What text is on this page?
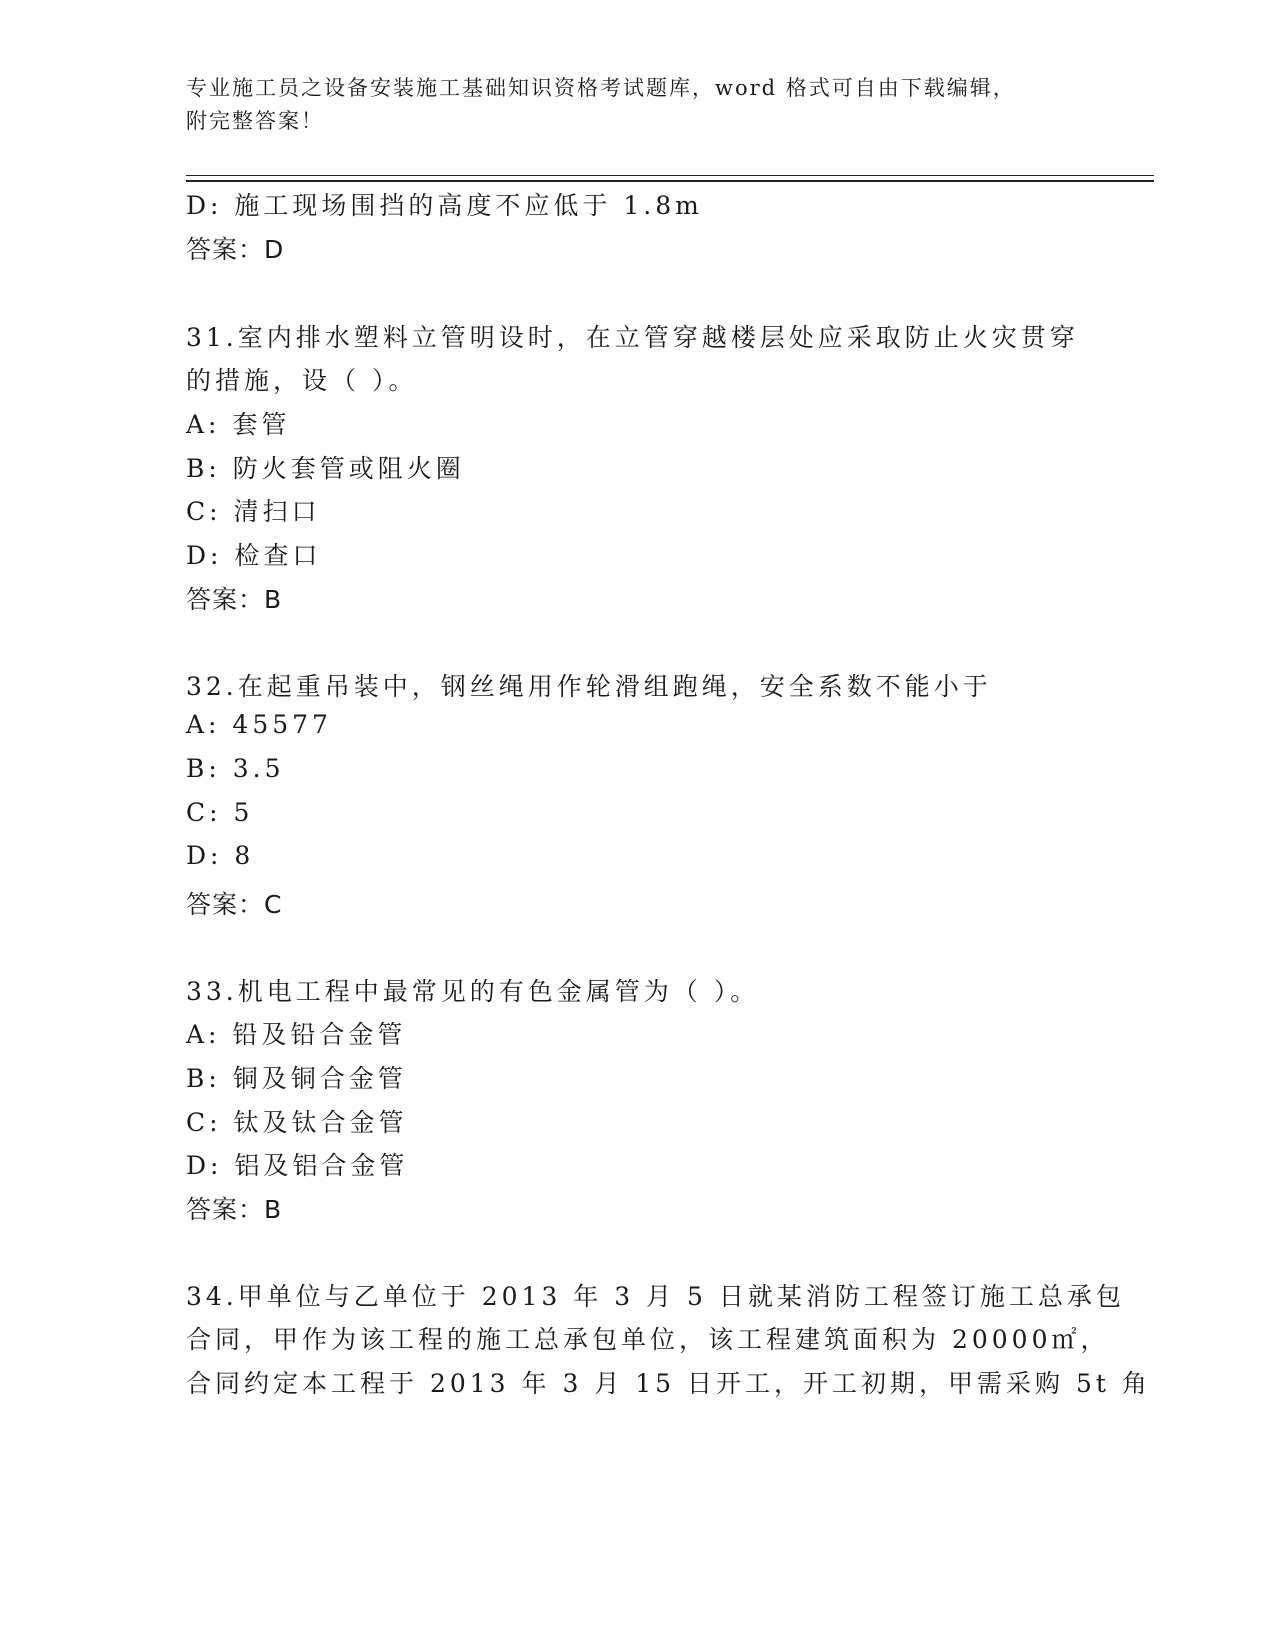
专业施工员之设备安装施工基础知识资格考试题库，word 格式可自由下载编辑，
附完整答案！
D: 施工现场围挡的高度不应低于 1.8m
答案：D
31.室内排水塑料立管明设时，在立管穿越楼层处应采取防止火灾贯穿
的措施，设（ ）。
A: 套管
B: 防火套管或阻火圈
C: 清扫口
D: 检查口
答案：B
32.在起重吊装中，钢丝绳用作轮滑组跑绳，安全系数不能小于
A: 45577
B: 3.5
C: 5
D: 8
答案：C
33.机电工程中最常见的有色金属管为（ ）。
A: 铅及铅合金管
B: 铜及铜合金管
C: 钛及钛合金管
D: 铝及铝合金管
答案：B
34.甲单位与乙单位于 2013 年 3 月 5 日就某消防工程签订施工总承包
合同，甲作为该工程的施工总承包单位，该工程建筑面积为 20000㎡，
合同约定本工程于 2013 年 3 月 15 日开工，开工初期，甲需采购 5t 角
